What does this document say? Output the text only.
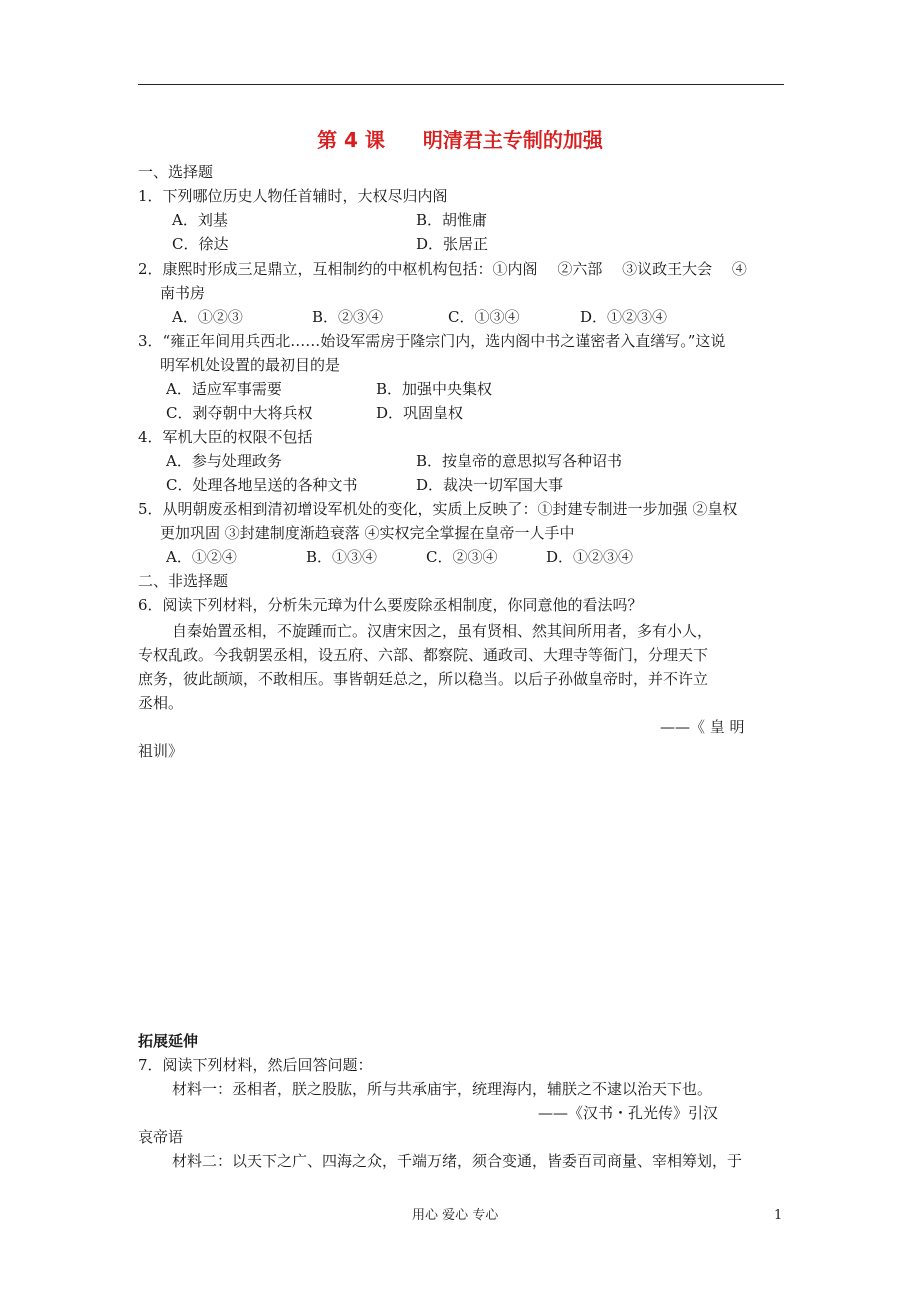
第 4 课 明清君主专制的加强
一、选择题
1．下列哪位历史人物任首辅时，大权尽归内阁
A．刘基	B．胡惟庸
C．徐达	D．张居正
2．康熙时形成三足鼎立，互相制约的中枢机构包括：①内阁　 ②六部　 ③议政王大会　 ④
南书房
A．①②③	B．②③④	C．①③④	D．①②③④
3．“雍正年间用兵西北……始设军需房于隆宗门内，选内阁中书之谨密者入直缮写。”这说
明军机处设置的最初目的是
A．适应军事需要	B．加强中央集权
C．剥夺朝中大将兵权	D．巩固皇权
4．军机大臣的权限不包括
A．参与处理政务	B．按皇帝的意思拟写各种诏书
C．处理各地呈送的各种文书	D．裁决一切军国大事
5．从明朝废丞相到清初增设军机处的变化，实质上反映了：①封建专制进一步加强 ②皇权
更加巩固 ③封建制度渐趋衰落 ④实权完全掌握在皇帝一人手中
A．①②④	B．①③④	C．②③④	D．①②③④
二、非选择题
6．阅读下列材料，分析朱元璋为什么要废除丞相制度，你同意他的看法吗？
自秦始置丞相，不旋踵而亡。汉唐宋因之，虽有贤相、然其间所用者，多有小人，
专权乱政。今我朝罢丞相，设五府、六部、都察院、通政司、大理寺等衙门，分理天下
庶务，彼此颉颃，不敢相压。事皆朝廷总之，所以稳当。以后子孙做皇帝时，并不许立
丞相。
——《 皇 明
祖训》
拓展延伸
7．阅读下列材料，然后回答问题：
材料一：丞相者，朕之股肱，所与共承庙宇，统理海内，辅朕之不逮以治天下也。
——《汉书・孔光传》引汉
哀帝语
材料二：以天下之广、四海之众，千端万绪，须合变通，皆委百司商量、宰相筹划，于
用心 爱心 专心	1
